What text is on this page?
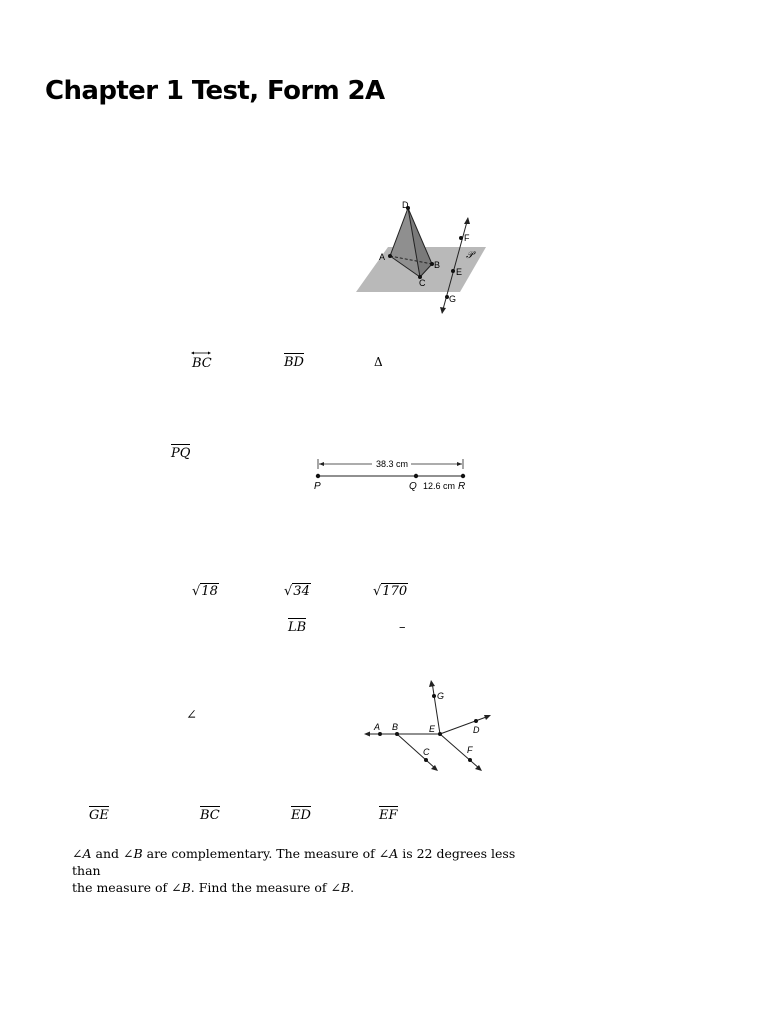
Chapter 1 Test, Form 2A
D
F
A
B
E
C
G
𝒫
BC	BD	Δ
PQ
38.3 cm
P	Q 12.6 cm R
√18	√34	√170
LB	–
∠
G
A B	E	D
C	F
GE	BC	ED	EF
∠A and ∠B are complementary. The measure of ∠A is 22 degrees less than
the measure of ∠B. Find the measure of ∠B.
